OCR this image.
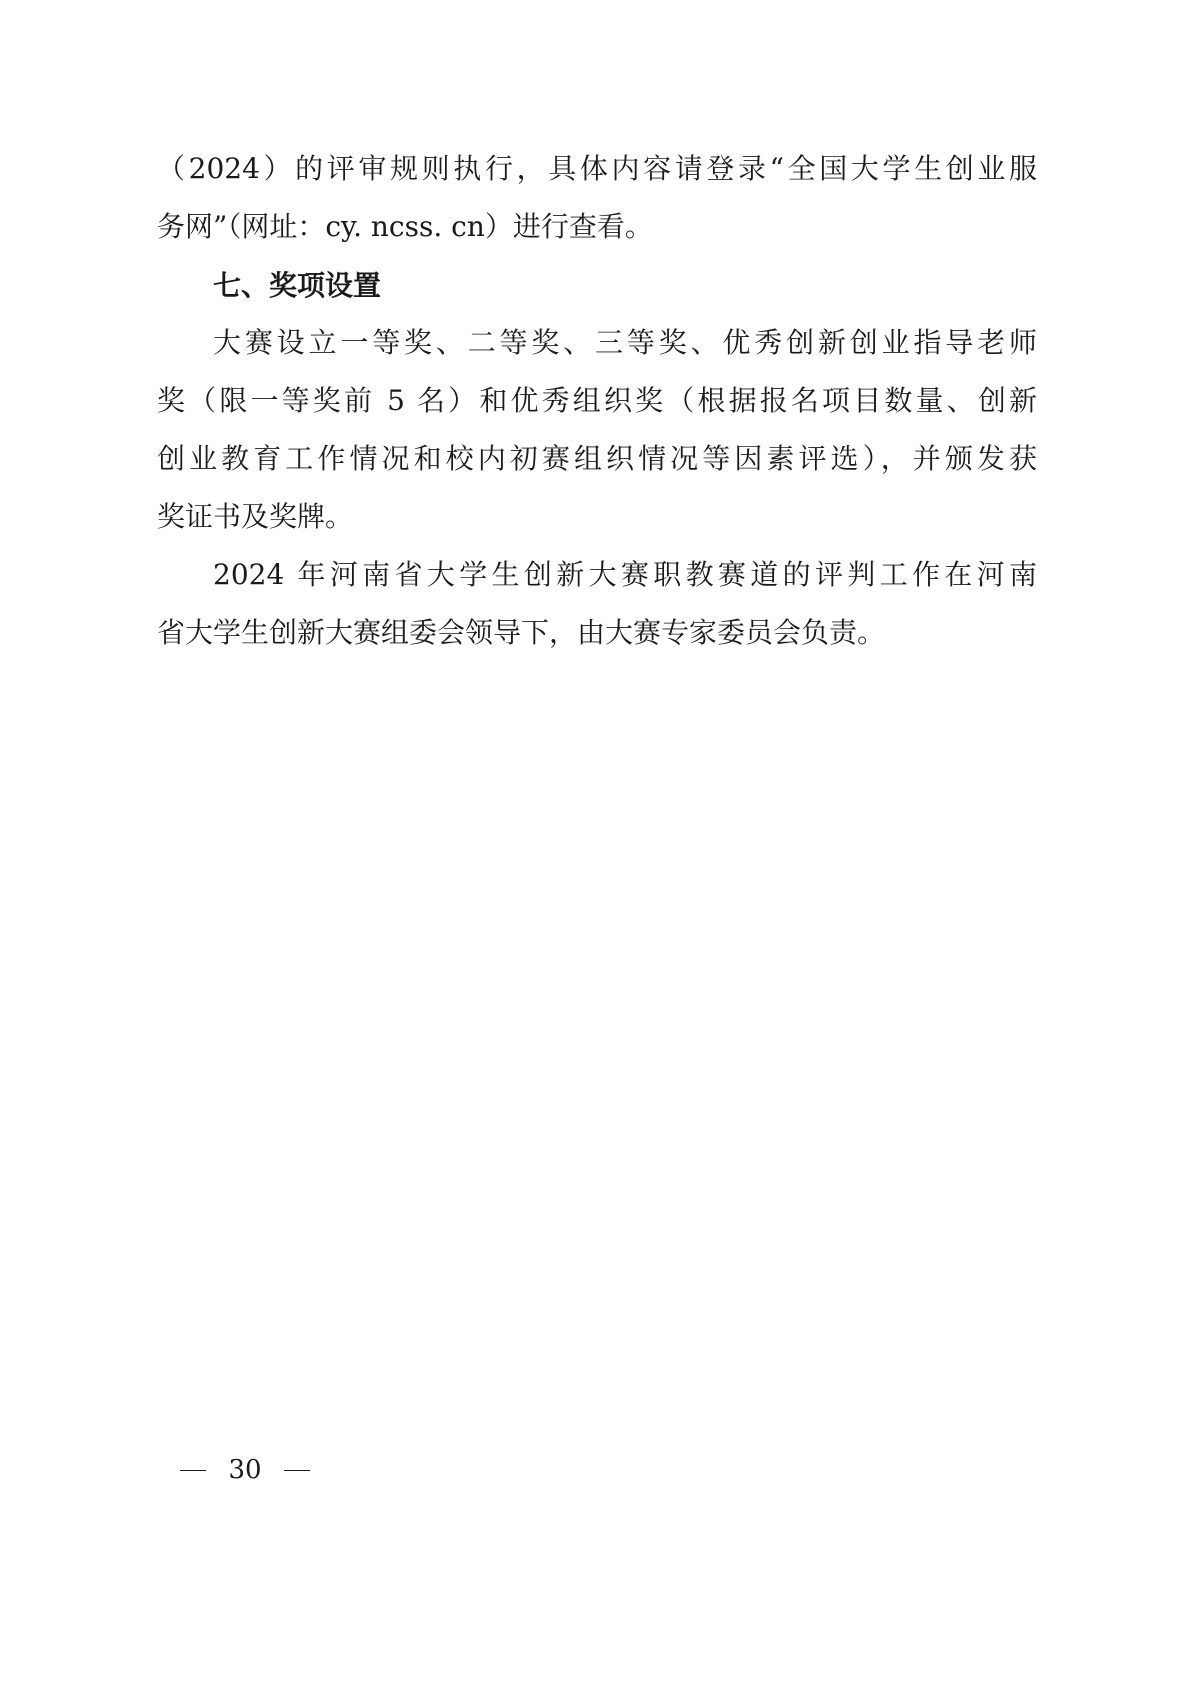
（2024）的评审规则执行，具体内容请登录“全国大学生创业服
务网”（网址：cy. ncss. cn）进行查看。
七、奖项设置
大赛设立一等奖、二等奖、三等奖、优秀创新创业指导老师
奖（限一等奖前 5 名）和优秀组织奖（根据报名项目数量、创新
创业教育工作情况和校内初赛组织情况等因素评选），并颁发获
奖证书及奖牌。
2024 年河南省大学生创新大赛职教赛道的评判工作在河南
省大学生创新大赛组委会领导下，由大赛专家委员会负责。
30
